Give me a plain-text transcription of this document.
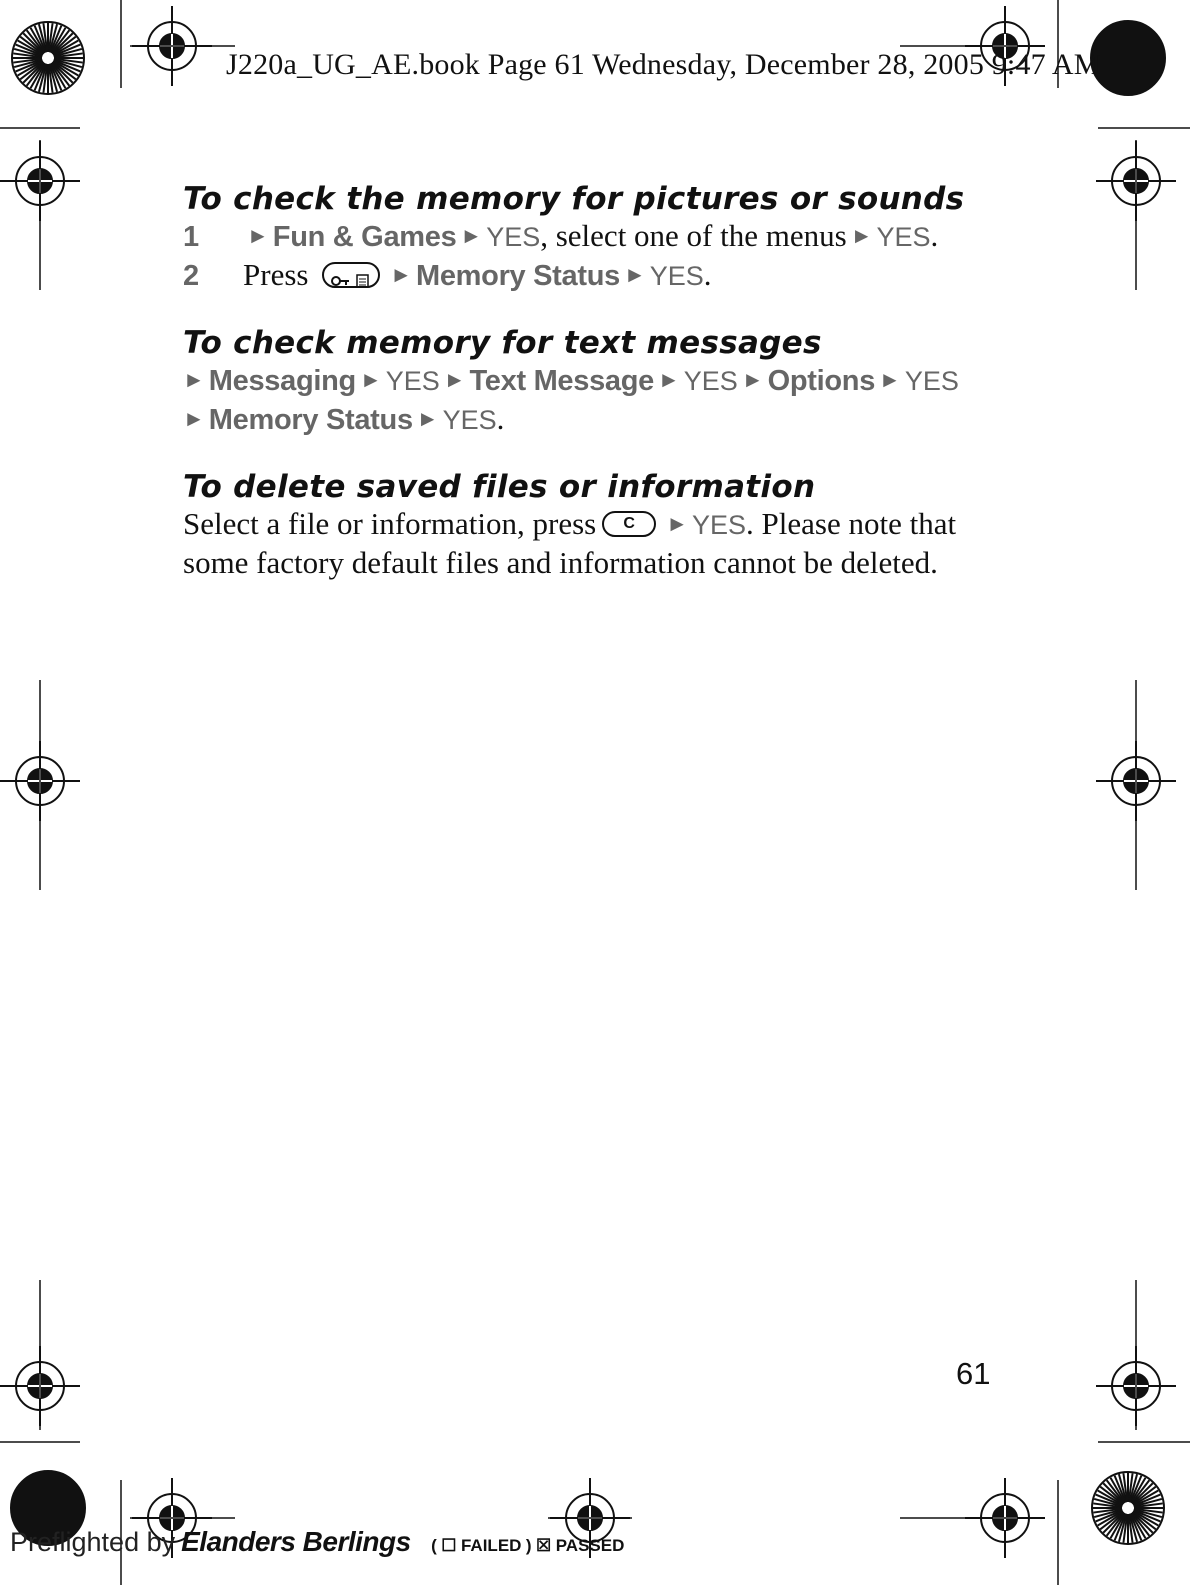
J220a_UG_AE.book Page 61 Wednesday, December 28, 2005 9:47 AM
To check the memory for pictures or sounds
1 ► Fun & Games ► YES, select one of the menus ► YES.
2 Press	► Memory Status ► YES.
To check memory for text messages
► Messaging ► YES ► Text Message ► YES ► Options ► YES
► Memory Status ► YES.
To delete saved files or information
Select a file or information, press C ► YES. Please note that
some factory default files and information cannot be deleted.
61
Preflighted by Elanders Berlings ( ☐ FAILED ) ☒ PASSED
